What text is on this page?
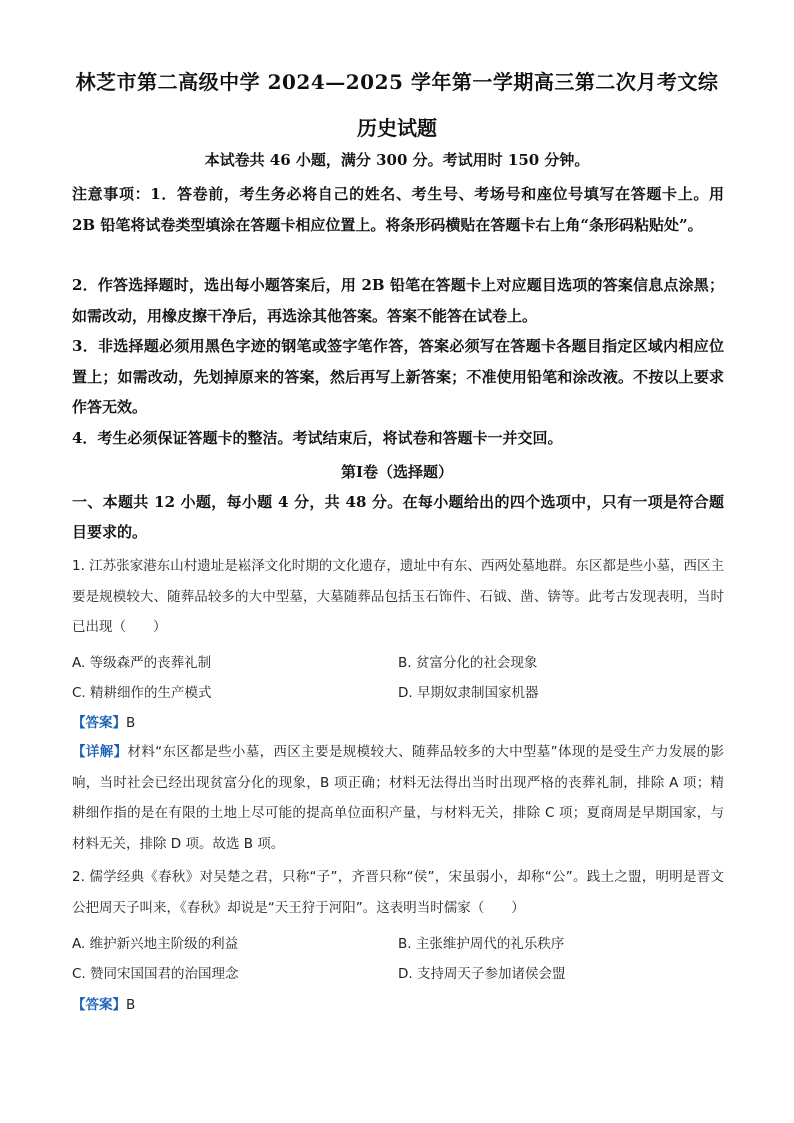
林芝市第二高级中学 2024—2025 学年第一学期高三第二次月考文综
历史试题
本试卷共 46 小题，满分 300 分。考试用时 150 分钟。
注意事项：1．答卷前，考生务必将自己的姓名、考生号、考场号和座位号填写在答题卡上。用 2B 铅笔将试卷类型填涂在答题卡相应位置上。将条形码横贴在答题卡右上角“条形码粘贴处”。
2．作答选择题时，选出每小题答案后，用 2B 铅笔在答题卡上对应题目选项的答案信息点涂黑；如需改动，用橡皮擦干净后，再选涂其他答案。答案不能答在试卷上。
3．非选择题必须用黑色字迹的钢笔或签字笔作答，答案必须写在答题卡各题目指定区域内相应位置上；如需改动，先划掉原来的答案，然后再写上新答案；不准使用铅笔和涂改液。不按以上要求作答无效。
4．考生必须保证答题卡的整洁。考试结束后，将试卷和答题卡一并交回。
第Ⅰ卷（选择题）
一、本题共 12 小题，每小题 4 分，共 48 分。在每小题给出的四个选项中，只有一项是符合题目要求的。
1. 江苏张家港东山村遗址是崧泽文化时期的文化遗存，遗址中有东、西两处墓地群。东区都是些小墓，西区主要是规模较大、随葬品较多的大中型墓，大墓随葬品包括玉石饰件、石钺、凿、锛等。此考古发现表明，当时已出现（　　）
A. 等级森严的丧葬礼制	B. 贫富分化的社会现象
C. 精耕细作的生产模式	D. 早期奴隶制国家机器
【答案】B
【详解】材料“东区都是些小墓，西区主要是规模较大、随葬品较多的大中型墓”体现的是受生产力发展的影响，当时社会已经出现贫富分化的现象，B 项正确；材料无法得出当时出现严格的丧葬礼制，排除 A 项；精耕细作指的是在有限的土地上尽可能的提高单位面积产量，与材料无关，排除 C 项；夏商周是早期国家，与材料无关，排除 D 项。故选 B 项。
2. 儒学经典《春秋》对吴楚之君，只称“子”，齐晋只称“侯”，宋虽弱小，却称“公”。践土之盟，明明是晋文公把周天子叫来，《春秋》却说是“天王狩于河阳”。这表明当时儒家（　　）
A. 维护新兴地主阶级的利益	B. 主张维护周代的礼乐秩序
C. 赞同宋国国君的治国理念	D. 支持周天子参加诸侯会盟
【答案】B
